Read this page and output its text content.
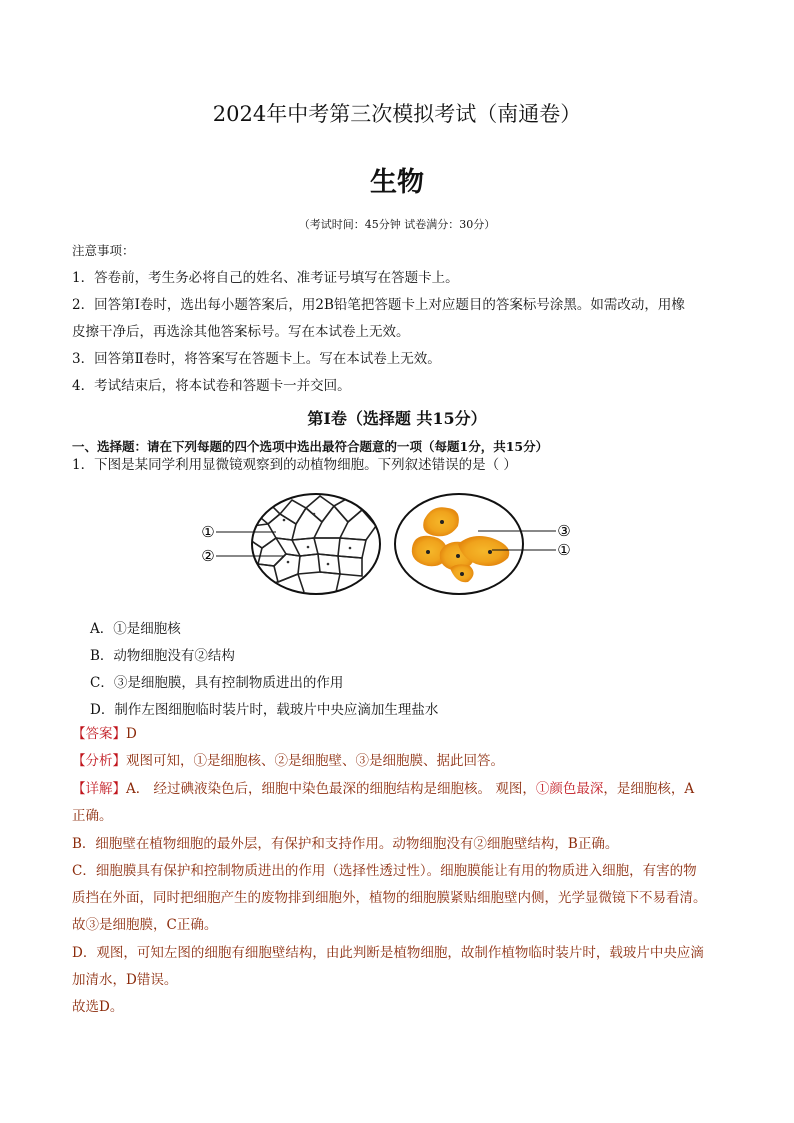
2024年中考第三次模拟考试（南通卷）
生物
（考试时间：45分钟 试卷满分：30分）
注意事项：
1．答卷前，考生务必将自己的姓名、准考证号填写在答题卡上。
2．回答第Ⅰ卷时，选出每小题答案后，用2B铅笔把答题卡上对应题目的答案标号涂黑。如需改动，用橡
皮擦干净后，再选涂其他答案标号。写在本试卷上无效。
3．回答第Ⅱ卷时，将答案写在答题卡上。写在本试卷上无效。
4．考试结束后，将本试卷和答题卡一并交回。
第Ⅰ卷（选择题 共15分）
一、选择题：请在下列每题的四个选项中选出最符合题意的一项（每题1分，共15分）
1．下图是某同学利用显微镜观察到的动植物细胞。下列叙述错误的是（ ）
①
②
③
①
A．①是细胞核
B．动物细胞没有②结构
C．③是细胞膜，具有控制物质进出的作用
D．制作左图细胞临时装片时，载玻片中央应滴加生理盐水
【答案】D
【分析】观图可知，①是细胞核、②是细胞壁、③是细胞膜、据此回答。
【详解】A． 经过碘液染色后，细胞中染色最深的细胞结构是细胞核。 观图，①颜色最深，是细胞核，A
正确。
B．细胞壁在植物细胞的最外层，有保护和支持作用。动物细胞没有②细胞壁结构，B正确。
C．细胞膜具有保护和控制物质进出的作用（选择性透过性）。细胞膜能让有用的物质进入细胞，有害的物
质挡在外面，同时把细胞产生的废物排到细胞外，植物的细胞膜紧贴细胞壁内侧，光学显微镜下不易看清。
故③是细胞膜，C正确。
D．观图，可知左图的细胞有细胞壁结构，由此判断是植物细胞，故制作植物临时装片时，载玻片中央应滴
加清水，D错误。
故选D。
